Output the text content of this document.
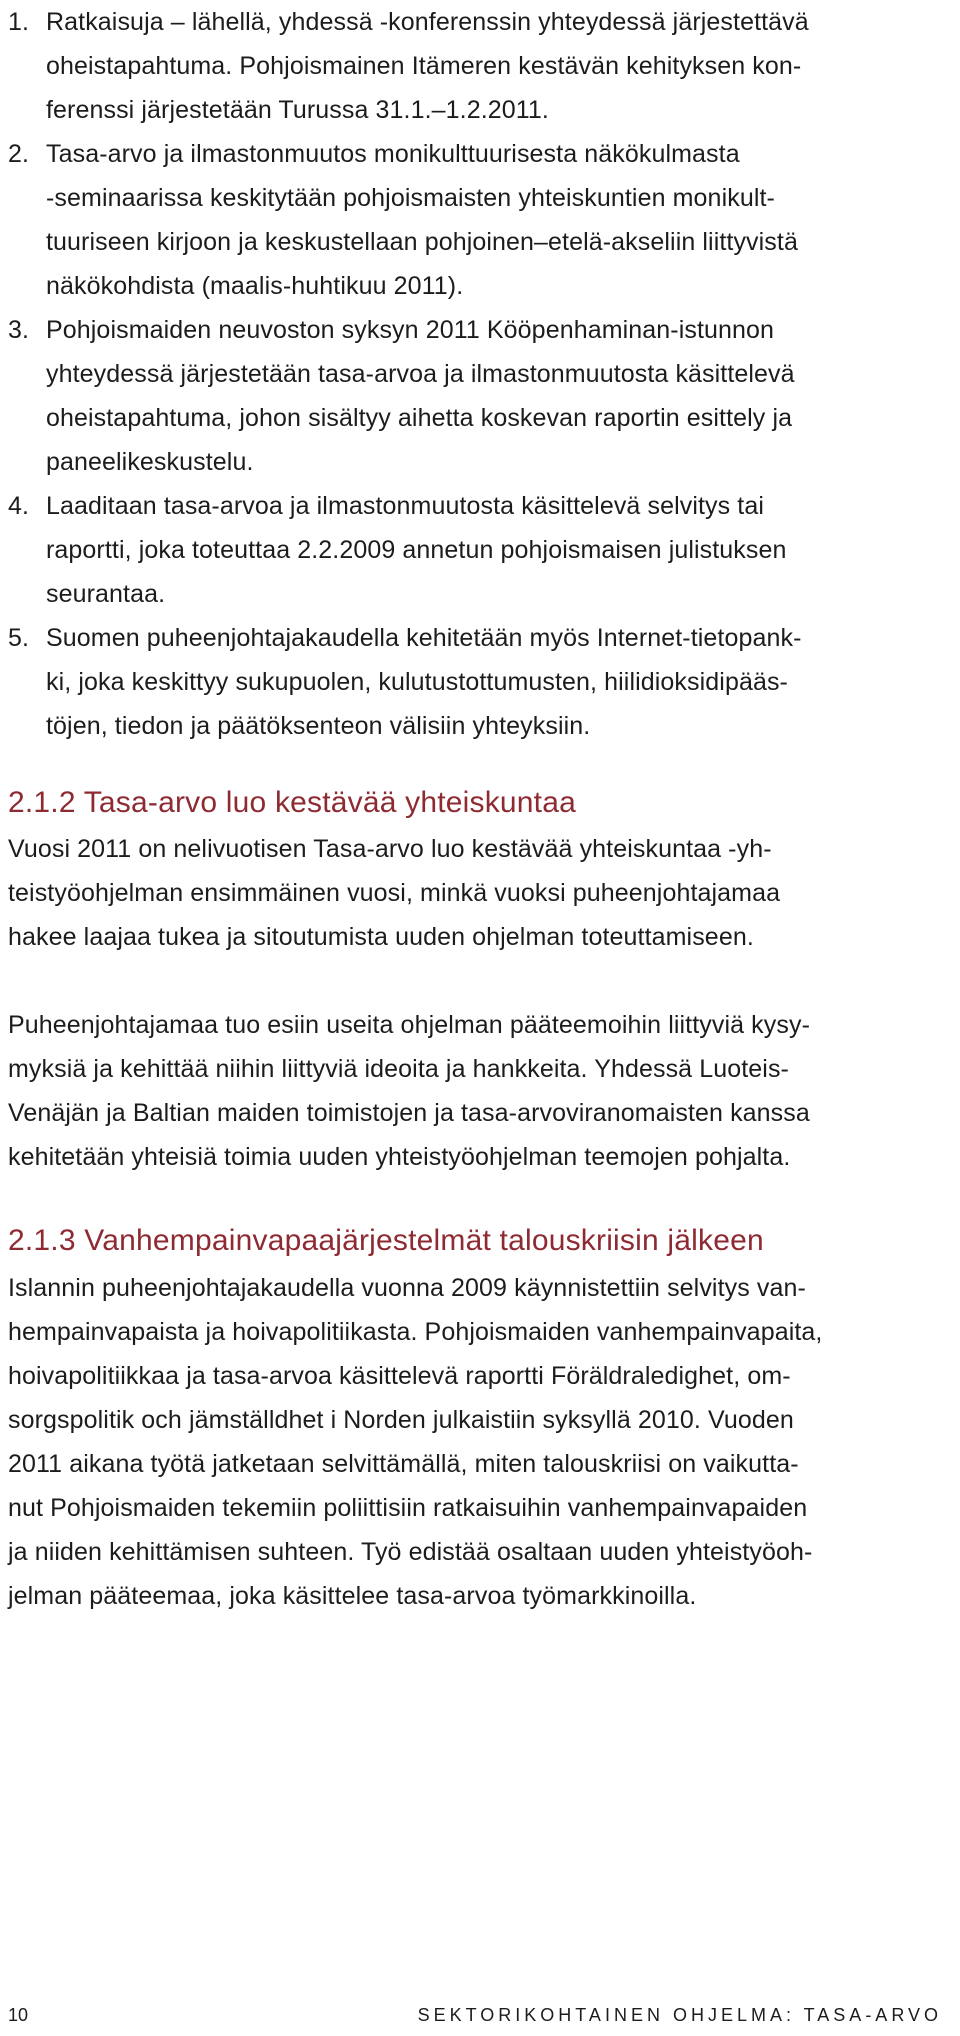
1. Ratkaisuja – lähellä, yhdessä -konferenssin yhteydessä järjestettävä
oheistapahtuma. Pohjoismainen Itämeren kestävän kehityksen kon-
ferenssi järjestetään Turussa 31.1.–1.2.2011.
2. Tasa-arvo ja ilmastonmuutos monikulttuurisesta näkökulmasta
-seminaarissa keskitytään pohjoismaisten yhteiskuntien monikult-
tuuriseen kirjoon ja keskustellaan pohjoinen–etelä-akseliin liittyvistä
näkökohdista (maalis-huhtikuu 2011).
3. Pohjoismaiden neuvoston syksyn 2011 Kööpenhaminan-istunnon
yhteydessä järjestetään tasa-arvoa ja ilmastonmuutosta käsittelevä
oheistapahtuma, johon sisältyy aihetta koskevan raportin esittely ja
paneelikeskustelu.
4. Laaditaan tasa-arvoa ja ilmastonmuutosta käsittelevä selvitys tai
raportti, joka toteuttaa 2.2.2009 annetun pohjoismaisen julistuksen
seurantaa.
5. Suomen puheenjohtajakaudella kehitetään myös Internet-tietopank-
ki, joka keskittyy sukupuolen, kulutustottumusten, hiilidioksidipääs-
töjen, tiedon ja päätöksenteon välisiin yhteyksiin.
2.1.2 Tasa-arvo luo kestävää yhteiskuntaa
Vuosi 2011 on nelivuotisen Tasa-arvo luo kestävää yhteiskuntaa -yh-
teistyöohjelman ensimmäinen vuosi, minkä vuoksi puheenjohtajamaa
hakee laajaa tukea ja sitoutumista uuden ohjelman toteuttamiseen.
Puheenjohtajamaa tuo esiin useita ohjelman pääteemoihin liittyviä kysy-
myksiä ja kehittää niihin liittyviä ideoita ja hankkeita. Yhdessä Luoteis-
Venäjän ja Baltian maiden toimistojen ja tasa-arvoviranomaisten kanssa
kehitetään yhteisiä toimia uuden yhteistyöohjelman teemojen pohjalta.
2.1.3 Vanhempainvapaajärjestelmät talouskriisin jälkeen
Islannin puheenjohtajakaudella vuonna 2009 käynnistettiin selvitys van-
hempainvapaista ja hoivapolitiikasta. Pohjoismaiden vanhempainvapaita,
hoivapolitiikkaa ja tasa-arvoa käsittelevä raportti Föräldraledighet, om-
sorgspolitik och jämställdhet i Norden julkaistiin syksyllä 2010. Vuoden
2011 aikana työtä jatketaan selvittämällä, miten talouskriisi on vaikutta-
nut Pohjoismaiden tekemiin poliittisiin ratkaisuihin vanhempainvapaiden
ja niiden kehittämisen suhteen. Työ edistää osaltaan uuden yhteistyöoh-
jelman pääteemaa, joka käsittelee tasa-arvoa työmarkkinoilla.
10	SEKTORIKOHTAINEN OHJELMA: TASA-ARVO
